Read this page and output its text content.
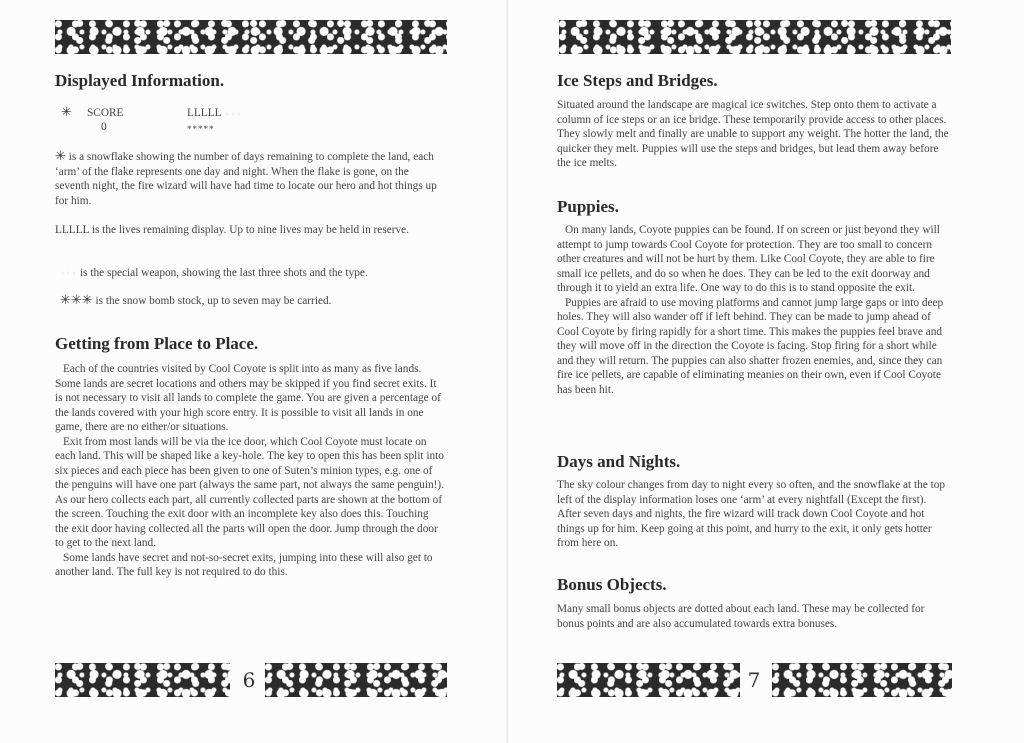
Displayed Information.
✳ SCORE
0
LLLLL ◦◦◦
*****
✳ is a snowflake showing the number of days remaining to complete the land, each ‘arm’ of the flake represents one day and night. When the flake is gone, on the seventh night, the fire wizard will have had time to locate our hero and hot things up for him.
LLLLL is the lives remaining display. Up to nine lives may be held in reserve.
◦◦◦ is the special weapon, showing the last three shots and the type.
✳✳✳ is the snow bomb stock, up to seven may be carried.
Getting from Place to Place.

Each of the countries visited by Cool Coyote is split into as many as five lands. Some lands are secret locations and others may be skipped if you find secret exits. It is not necessary to visit all lands to complete the game. You are given a percentage of the lands covered with your high score entry. It is possible to visit all lands in one game, there are no either/or situations.

Exit from most lands will be via the ice door, which Cool Coyote must locate on each land. This will be shaped like a key-hole. The key to open this has been split into six pieces and each piece has been given to one of Suten’s minion types, e.g. one of the penguins will have one part (always the same part, not always the same penguin!). As our hero collects each part, all currently collected parts are shown at the bottom of the screen. Touching the exit door with an incomplete key also does this. Touching the exit door having collected all the parts will open the door. Jump through the door to get to the next land.

Some lands have secret and not-so-secret exits, jumping into these will also get to another land. The full key is not required to do this.

6
Ice Steps and Bridges.
Situated around the landscape are magical ice switches. Step onto them to activate a column of ice steps or an ice bridge. These temporarily provide access to other places. They slowly melt and finally are unable to support any weight. The hotter the land, the quicker they melt. Puppies will use the steps and bridges, but lead them away before the ice melts.
Puppies.

On many lands, Coyote puppies can be found. If on screen or just beyond they will attempt to jump towards Cool Coyote for protection. They are too small to concern other creatures and will not be hurt by them. Like Cool Coyote, they are able to fire small ice pellets, and do so when he does. They can be led to the exit doorway and through it to yield an extra life. One way to do this is to stand opposite the exit.

Puppies are afraid to use moving platforms and cannot jump large gaps or into deep holes. They will also wander off if left behind. They can be made to jump ahead of Cool Coyote by firing rapidly for a short time. This makes the puppies feel brave and they will move off in the direction the Coyote is facing. Stop firing for a short while and they will return. The puppies can also shatter frozen enemies, and, since they can fire ice pellets, are capable of eliminating meanies on their own, even if Cool Coyote has been hit.

Days and Nights.
The sky colour changes from day to night every so often, and the snowflake at the top left of the display information loses one ‘arm’ at every nightfall (Except the first). After seven days and nights, the fire wizard will track down Cool Coyote and hot things up for him. Keep going at this point, and hurry to the exit, it only gets hotter from here on.
Bonus Objects.
Many small bonus objects are dotted about each land. These may be collected for bonus points and are also accumulated towards extra bonuses.
7
